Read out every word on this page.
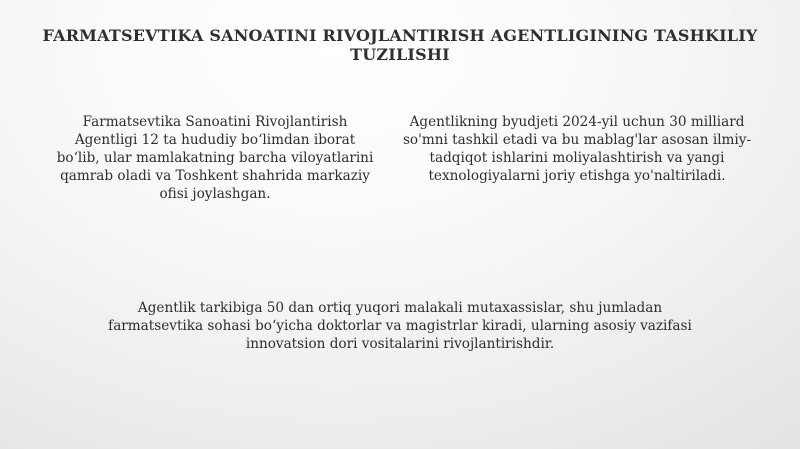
FARMATSEVTIKA SANOATINI RIVOJLANTIRISH AGENTLIGINING TASHKILIY TUZILISHI

Farmatsevtika Sanoatini Rivojlantirish Agentligi 12 ta hududiy bo‘limdan iborat bo‘lib, ular mamlakatning barcha viloyatlarini qamrab oladi va Toshkent shahrida markaziy ofisi joylashgan.

Agentlikning byudjeti 2024-yil uchun 30 milliard so'mni tashkil etadi va bu mablag'lar asosan ilmiy-tadqiqot ishlarini moliyalashtirish va yangi texnologiyalarni joriy etishga yo'naltiriladi.

Agentlik tarkibiga 50 dan ortiq yuqori malakali mutaxassislar, shu jumladan farmatsevtika sohasi bo‘yicha doktorlar va magistrlar kiradi, ularning asosiy vazifasi innovatsion dori vositalarini rivojlantirishdir.
